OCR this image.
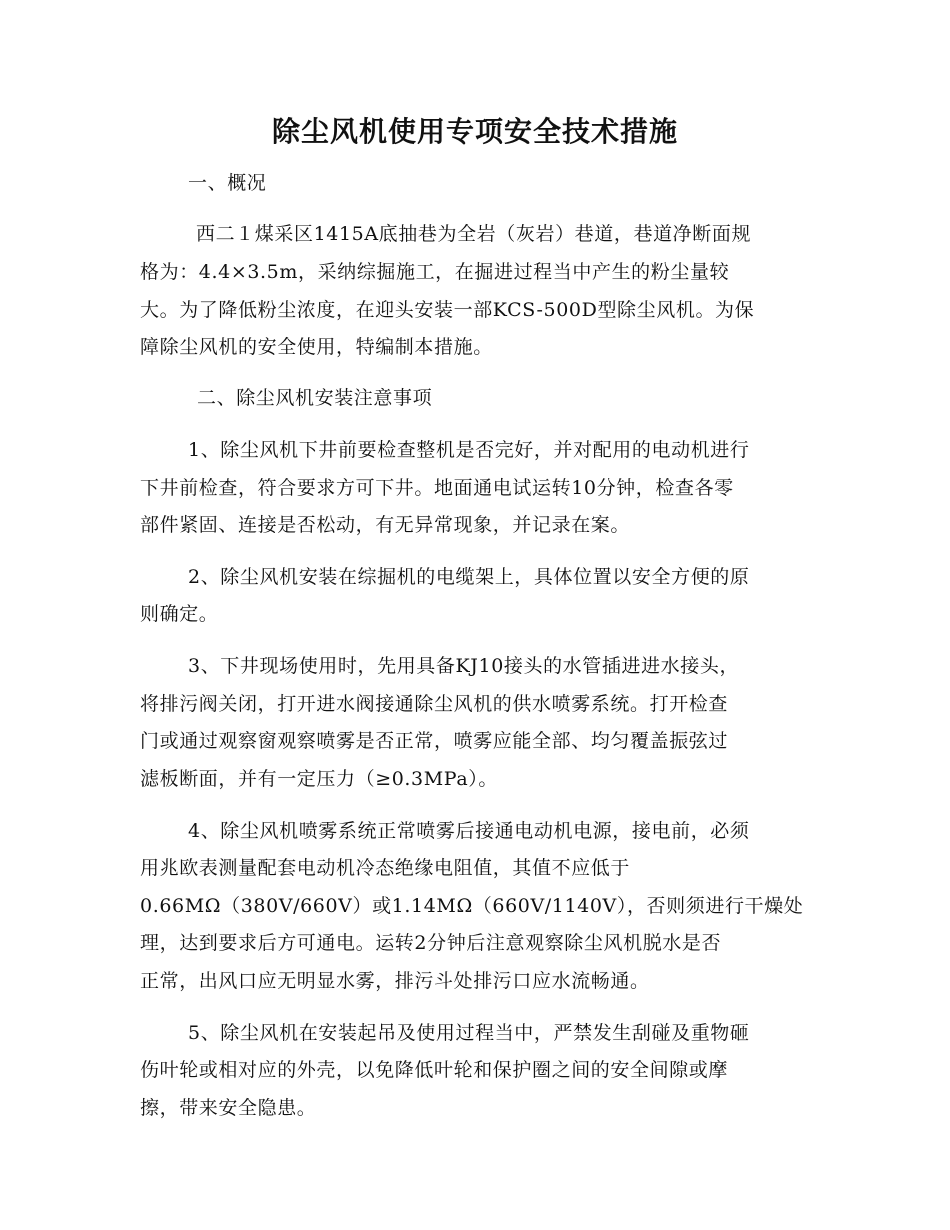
除尘风机使用专项安全技术措施
一、概况
西二１煤采区1415A底抽巷为全岩（灰岩）巷道，巷道净断面规
格为：4.4×3.5m，采纳综掘施工，在掘进过程当中产生的粉尘量较
大。为了降低粉尘浓度，在迎头安装一部KCS-500D型除尘风机。为保
障除尘风机的安全使用，特编制本措施。
二、除尘风机安装注意事项
1、除尘风机下井前要检查整机是否完好，并对配用的电动机进行
下井前检查，符合要求方可下井。地面通电试运转10分钟，检查各零
部件紧固、连接是否松动，有无异常现象，并记录在案。
2、除尘风机安装在综掘机的电缆架上，具体位置以安全方便的原
则确定。
3、下井现场使用时，先用具备KJ10接头的水管插进进水接头，
将排污阀关闭，打开进水阀接通除尘风机的供水喷雾系统。打开检查
门或通过观察窗观察喷雾是否正常，喷雾应能全部、均匀覆盖振弦过
滤板断面，并有一定压力（≥0.3MPa）。
4、除尘风机喷雾系统正常喷雾后接通电动机电源，接电前，必须
用兆欧表测量配套电动机冷态绝缘电阻值，其值不应低于
0.66MΩ（380V/660V）或1.14MΩ（660V/1140V），否则须进行干燥处
理，达到要求后方可通电。运转2分钟后注意观察除尘风机脱水是否
正常，出风口应无明显水雾，排污斗处排污口应水流畅通。
5、除尘风机在安装起吊及使用过程当中，严禁发生刮碰及重物砸
伤叶轮或相对应的外壳，以免降低叶轮和保护圈之间的安全间隙或摩
擦，带来安全隐患。
